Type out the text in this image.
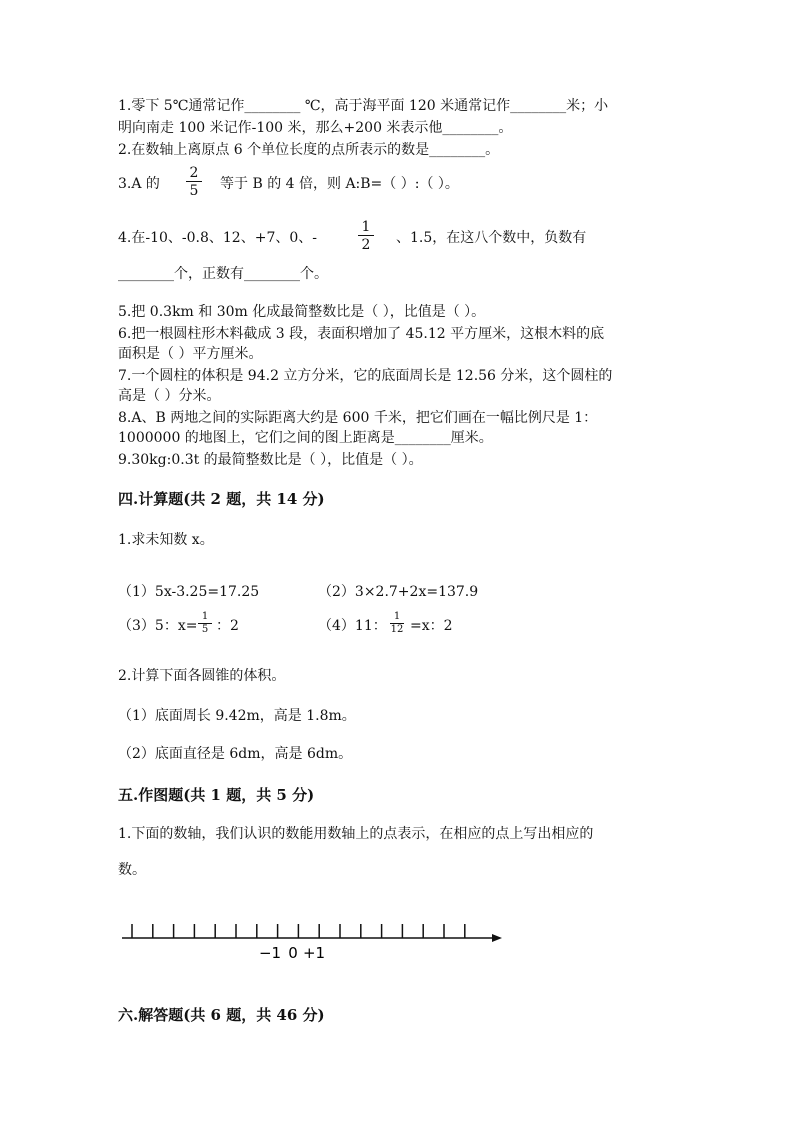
1.零下 5℃通常记作________ ℃，高于海平面 120 米通常记作________米；小
明向南走 100 米记作-100 米，那么+200 米表示他________。
2.在数轴上离原点 6 个单位长度的点所表示的数是________。
3.A 的
2
5 等于 B 的 4 倍，则 A:B=（ ）:（ ）。
4.在-10、-0.8、12、+7、0、-
1
2 、1.5，在这八个数中，负数有
________个，正数有________个。
5.把 0.3km 和 30m 化成最简整数比是（ ），比值是（ ）。
6.把一根圆柱形木料截成 3 段，表面积增加了 45.12 平方厘米，这根木料的底
面积是（ ）平方厘米。
7.一个圆柱的体积是 94.2 立方分米，它的底面周长是 12.56 分米，这个圆柱的
高是（ ）分米。
8.A、B 两地之间的实际距离大约是 600 千米，把它们画在一幅比例尺是 1：
1000000 的地图上，它们之间的图上距离是________厘米。
9.30kg:0.3t 的最简整数比是（ ），比值是（ ）。
四.计算题(共 2 题，共 14 分)
1.求未知数 x。
（1）5x-3.25=17.25	（2）3×2.7+2x=137.9
（3）5：x=
1
5 ：2	（4）11：
1
12 =x：2
2.计算下面各圆锥的体积。
（1）底面周长 9.42m，高是 1.8m。
（2）底面直径是 6dm，高是 6dm。
五.作图题(共 1 题，共 5 分)
1.下面的数轴，我们认识的数能用数轴上的点表示，在相应的点上写出相应的
数。
−1 0 +1
六.解答题(共 6 题，共 46 分)
